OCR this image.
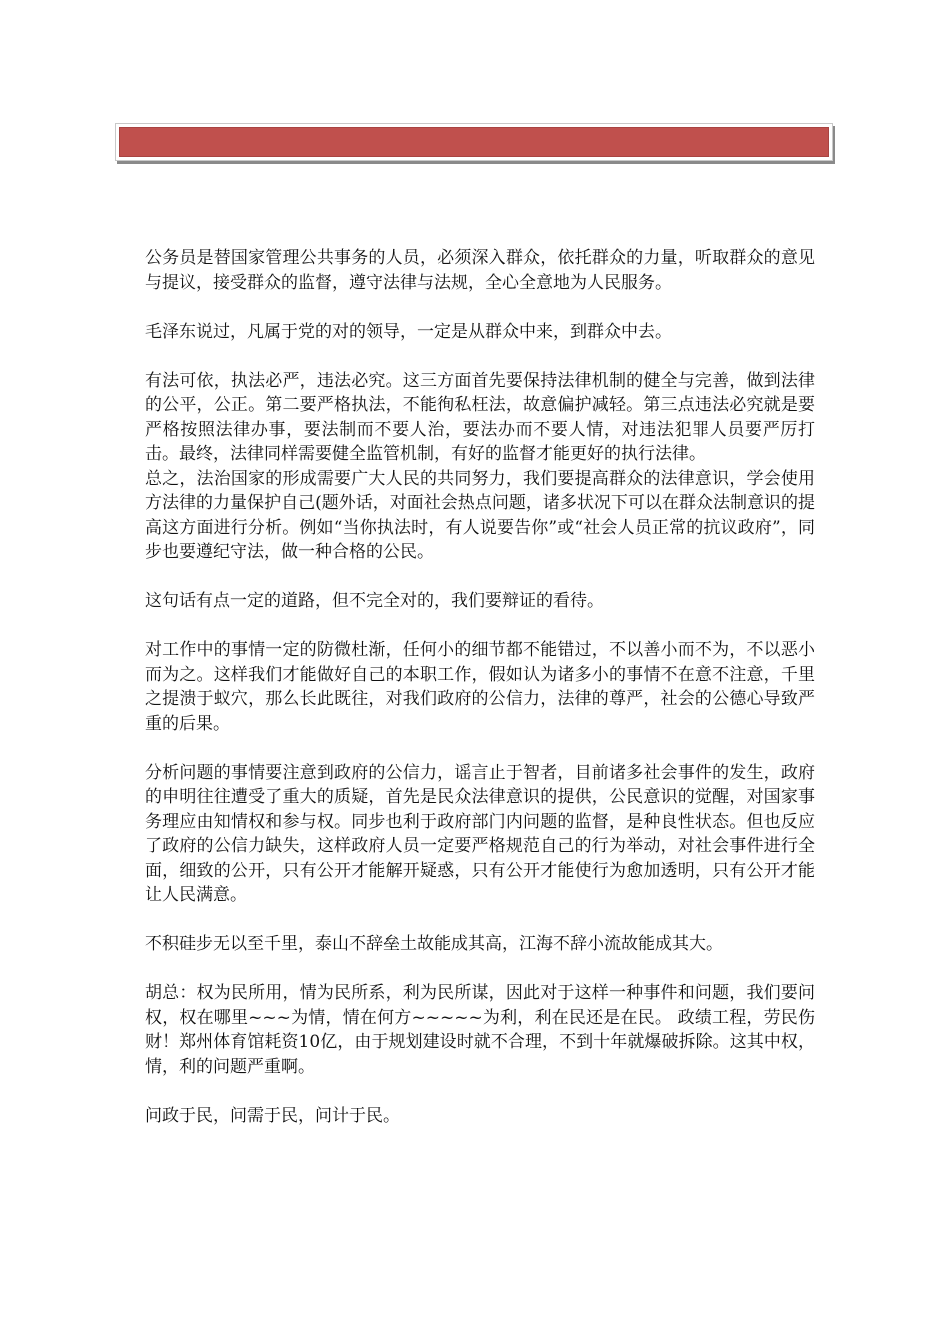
公务员是替国家管理公共事务的人员，必须深入群众，依托群众的力量，听取群众的意见与提议，接受群众的监督，遵守法律与法规，全心全意地为人民服务。

毛泽东说过，凡属于党的对的领导，一定是从群众中来，到群众中去。

有法可依，执法必严，违法必究。这三方面首先要保持法律机制的健全与完善，做到法律的公平，公正。第二要严格执法，不能徇私枉法，故意偏护减轻。第三点违法必究就是要严格按照法律办事，要法制而不要人治，要法办而不要人情，对违法犯罪人员要严厉打击。最终，法律同样需要健全监管机制，有好的监督才能更好的执行法律。

总之，法治国家的形成需要广大人民的共同努力，我们要提高群众的法律意识，学会使用方法律的力量保护自己(题外话，对面社会热点问题，诸多状况下可以在群众法制意识的提高这方面进行分析。例如“当你执法时，有人说要告你”或“社会人员正常的抗议政府”，同步也要遵纪守法，做一种合格的公民。

这句话有点一定的道路，但不完全对的，我们要辩证的看待。

对工作中的事情一定的防微杜渐，任何小的细节都不能错过，不以善小而不为，不以恶小而为之。这样我们才能做好自己的本职工作，假如认为诸多小的事情不在意不注意，千里之提溃于蚁穴，那么长此既往，对我们政府的公信力，法律的尊严，社会的公德心导致严重的后果。

分析问题的事情要注意到政府的公信力，谣言止于智者，目前诸多社会事件的发生，政府的申明往往遭受了重大的质疑，首先是民众法律意识的提供，公民意识的觉醒，对国家事务理应由知情权和参与权。同步也利于政府部门内问题的监督，是种良性状态。但也反应了政府的公信力缺失，这样政府人员一定要严格规范自己的行为举动，对社会事件进行全面，细致的公开，只有公开才能解开疑惑，只有公开才能使行为愈加透明，只有公开才能让人民满意。

不积硅步无以至千里，泰山不辞垒土故能成其高，江海不辞小流故能成其大。

胡总：权为民所用，情为民所系，利为民所谋，因此对于这样一种事件和问题，我们要问权，权在哪里~~~为情，情在何方~~~~~为利，利在民还是在民。 政绩工程，劳民伤财！郑州体育馆耗资10亿，由于规划建设时就不合理，不到十年就爆破拆除。这其中权，情，利的问题严重啊。

问政于民，问需于民，问计于民。
